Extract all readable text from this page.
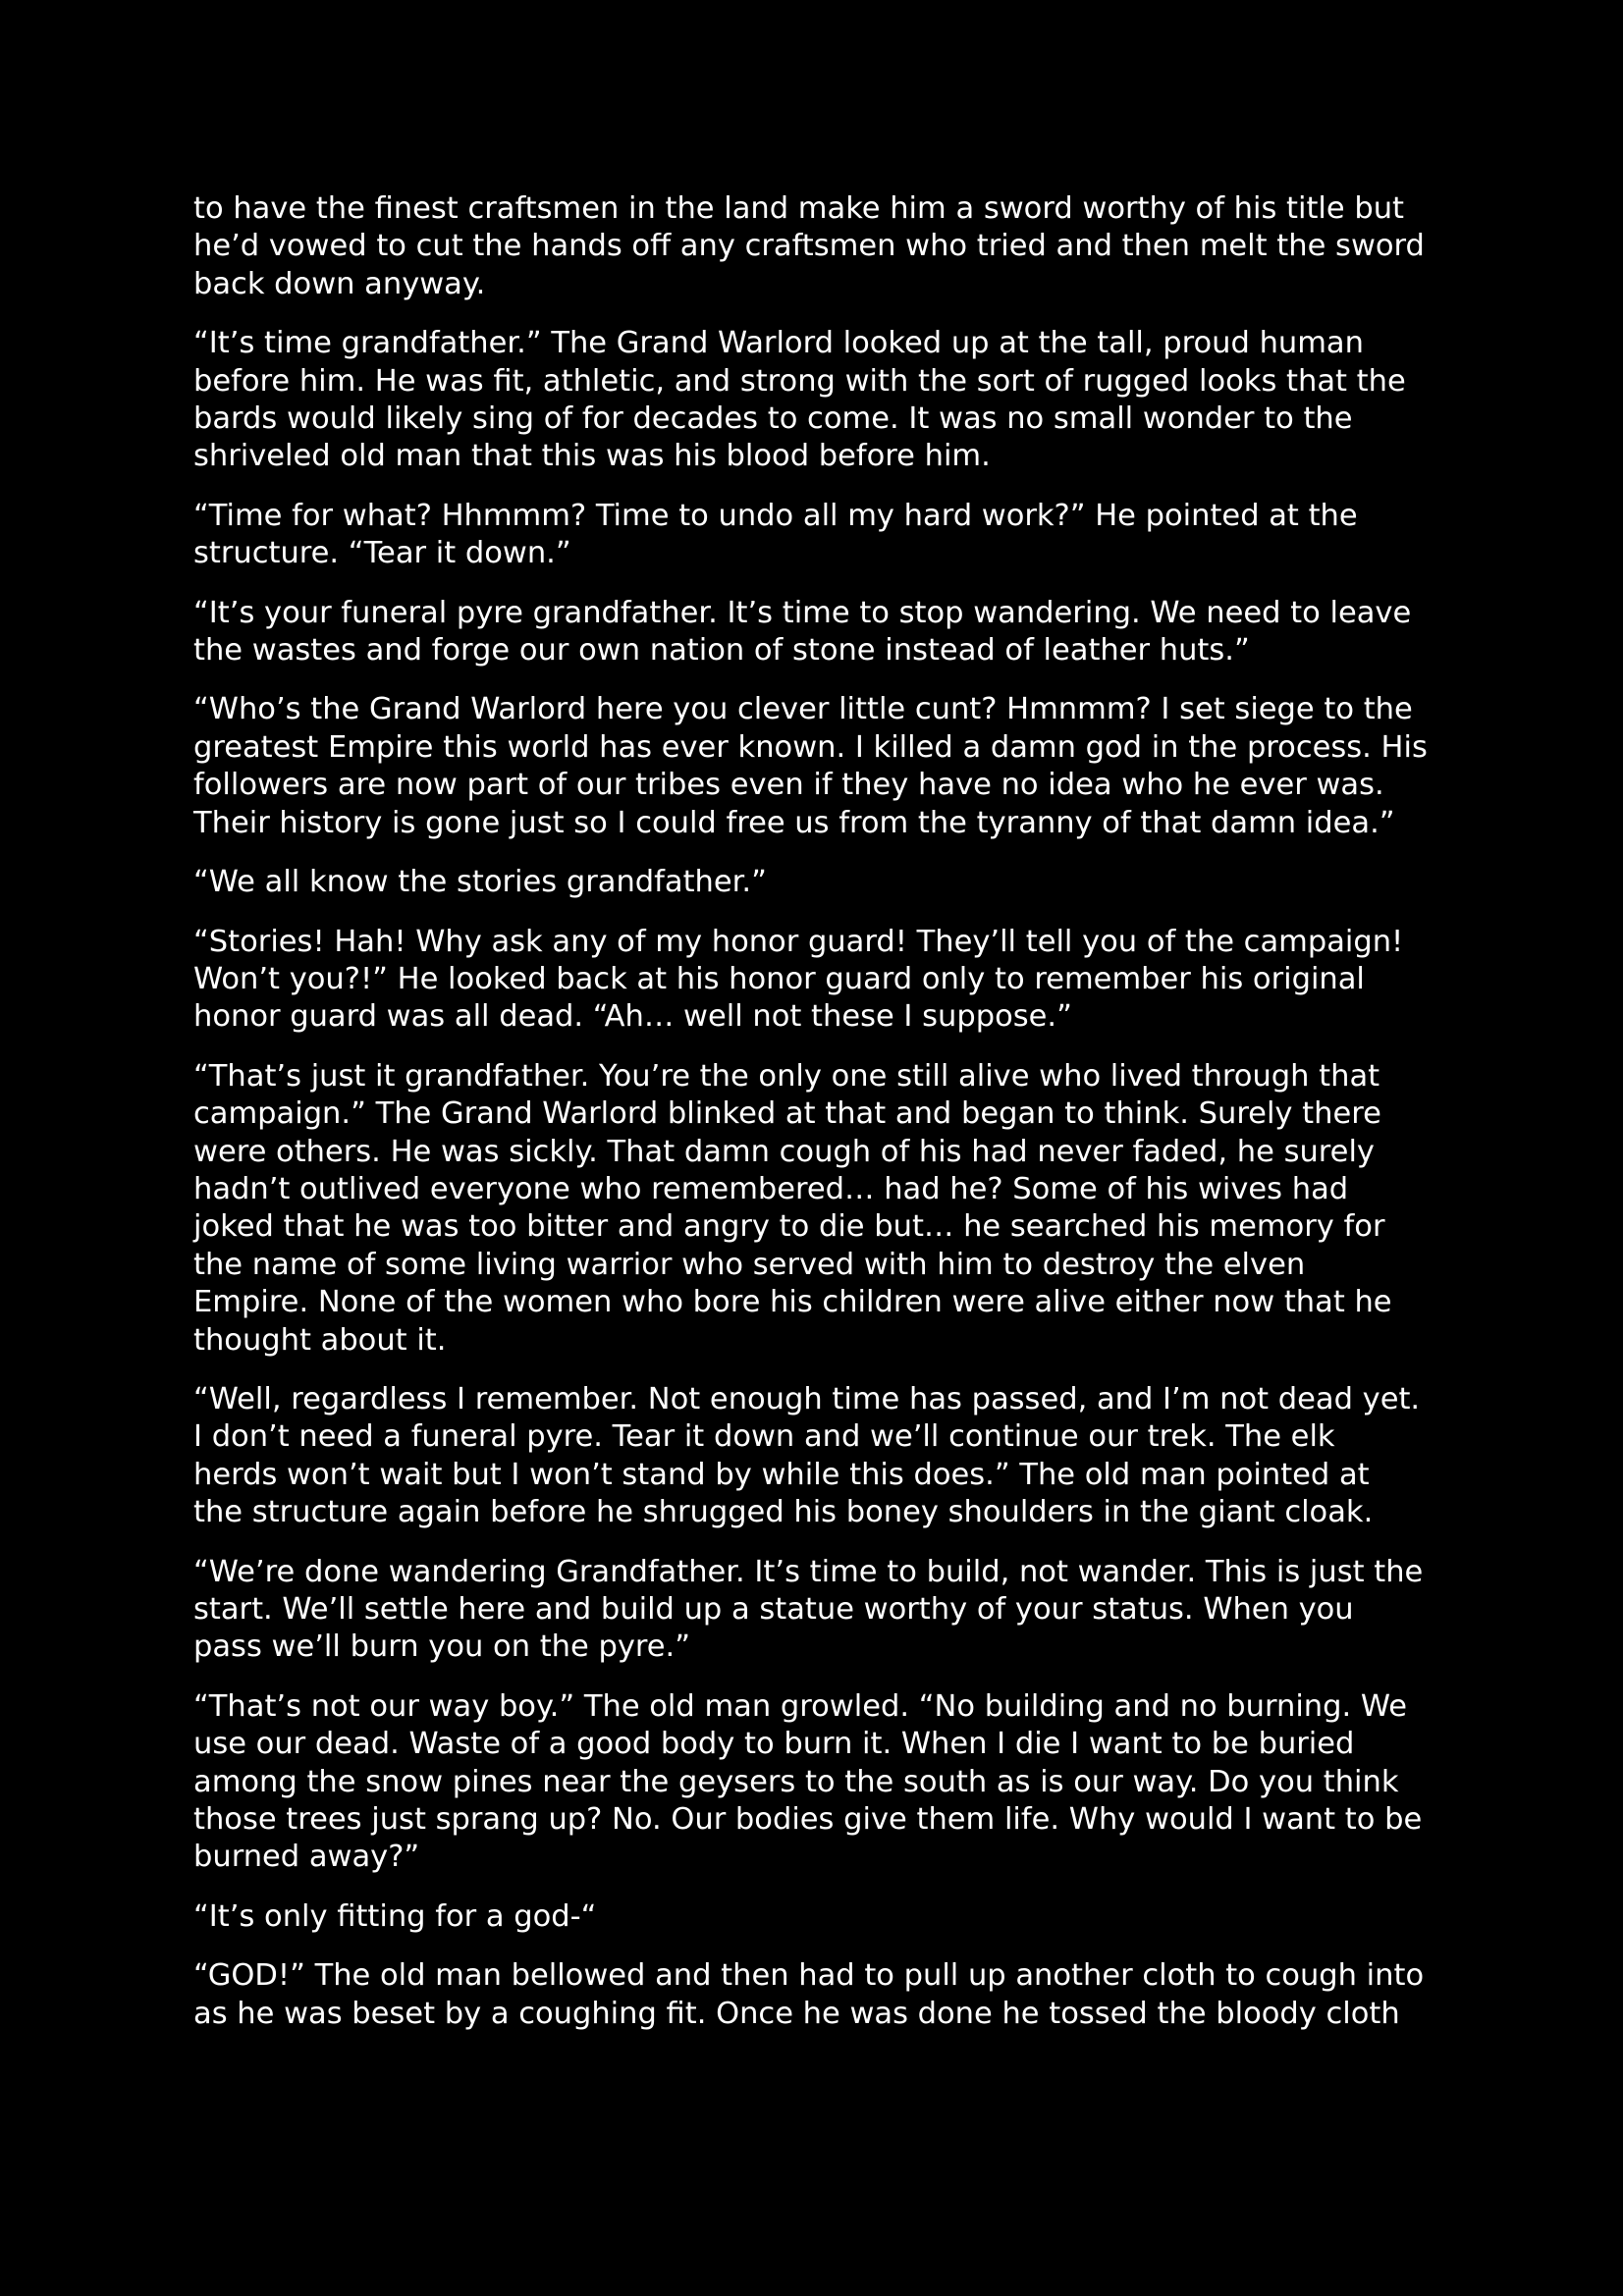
to have the finest craftsmen in the land make him a sword worthy of his title but
he’d vowed to cut the hands off any craftsmen who tried and then melt the sword
back down anyway.

“It’s time grandfather.” The Grand Warlord looked up at the tall, proud human
before him. He was fit, athletic, and strong with the sort of rugged looks that the
bards would likely sing of for decades to come. It was no small wonder to the
shriveled old man that this was his blood before him.

“Time for what? Hhmmm? Time to undo all my hard work?” He pointed at the
structure. “Tear it down.”

“It’s your funeral pyre grandfather. It’s time to stop wandering. We need to leave
the wastes and forge our own nation of stone instead of leather huts.”

“Who’s the Grand Warlord here you clever little cunt? Hmnmm? I set siege to the
greatest Empire this world has ever known. I killed a damn god in the process. His
followers are now part of our tribes even if they have no idea who he ever was.
Their history is gone just so I could free us from the tyranny of that damn idea.”

“We all know the stories grandfather.”

“Stories! Hah! Why ask any of my honor guard! They’ll tell you of the campaign!
Won’t you?!” He looked back at his honor guard only to remember his original
honor guard was all dead. “Ah… well not these I suppose.”

“That’s just it grandfather. You’re the only one still alive who lived through that
campaign.” The Grand Warlord blinked at that and began to think. Surely there
were others. He was sickly. That damn cough of his had never faded, he surely
hadn’t outlived everyone who remembered… had he? Some of his wives had
joked that he was too bitter and angry to die but… he searched his memory for
the name of some living warrior who served with him to destroy the elven
Empire. None of the women who bore his children were alive either now that he
thought about it.

“Well, regardless I remember. Not enough time has passed, and I’m not dead yet.
I don’t need a funeral pyre. Tear it down and we’ll continue our trek. The elk
herds won’t wait but I won’t stand by while this does.” The old man pointed at
the structure again before he shrugged his boney shoulders in the giant cloak.

“We’re done wandering Grandfather. It’s time to build, not wander. This is just the
start. We’ll settle here and build up a statue worthy of your status. When you
pass we’ll burn you on the pyre.”

“That’s not our way boy.” The old man growled. “No building and no burning. We
use our dead. Waste of a good body to burn it. When I die I want to be buried
among the snow pines near the geysers to the south as is our way. Do you think
those trees just sprang up? No. Our bodies give them life. Why would I want to be
burned away?”

“It’s only fitting for a god-“

“GOD!” The old man bellowed and then had to pull up another cloth to cough into
as he was beset by a coughing fit. Once he was done he tossed the bloody cloth
